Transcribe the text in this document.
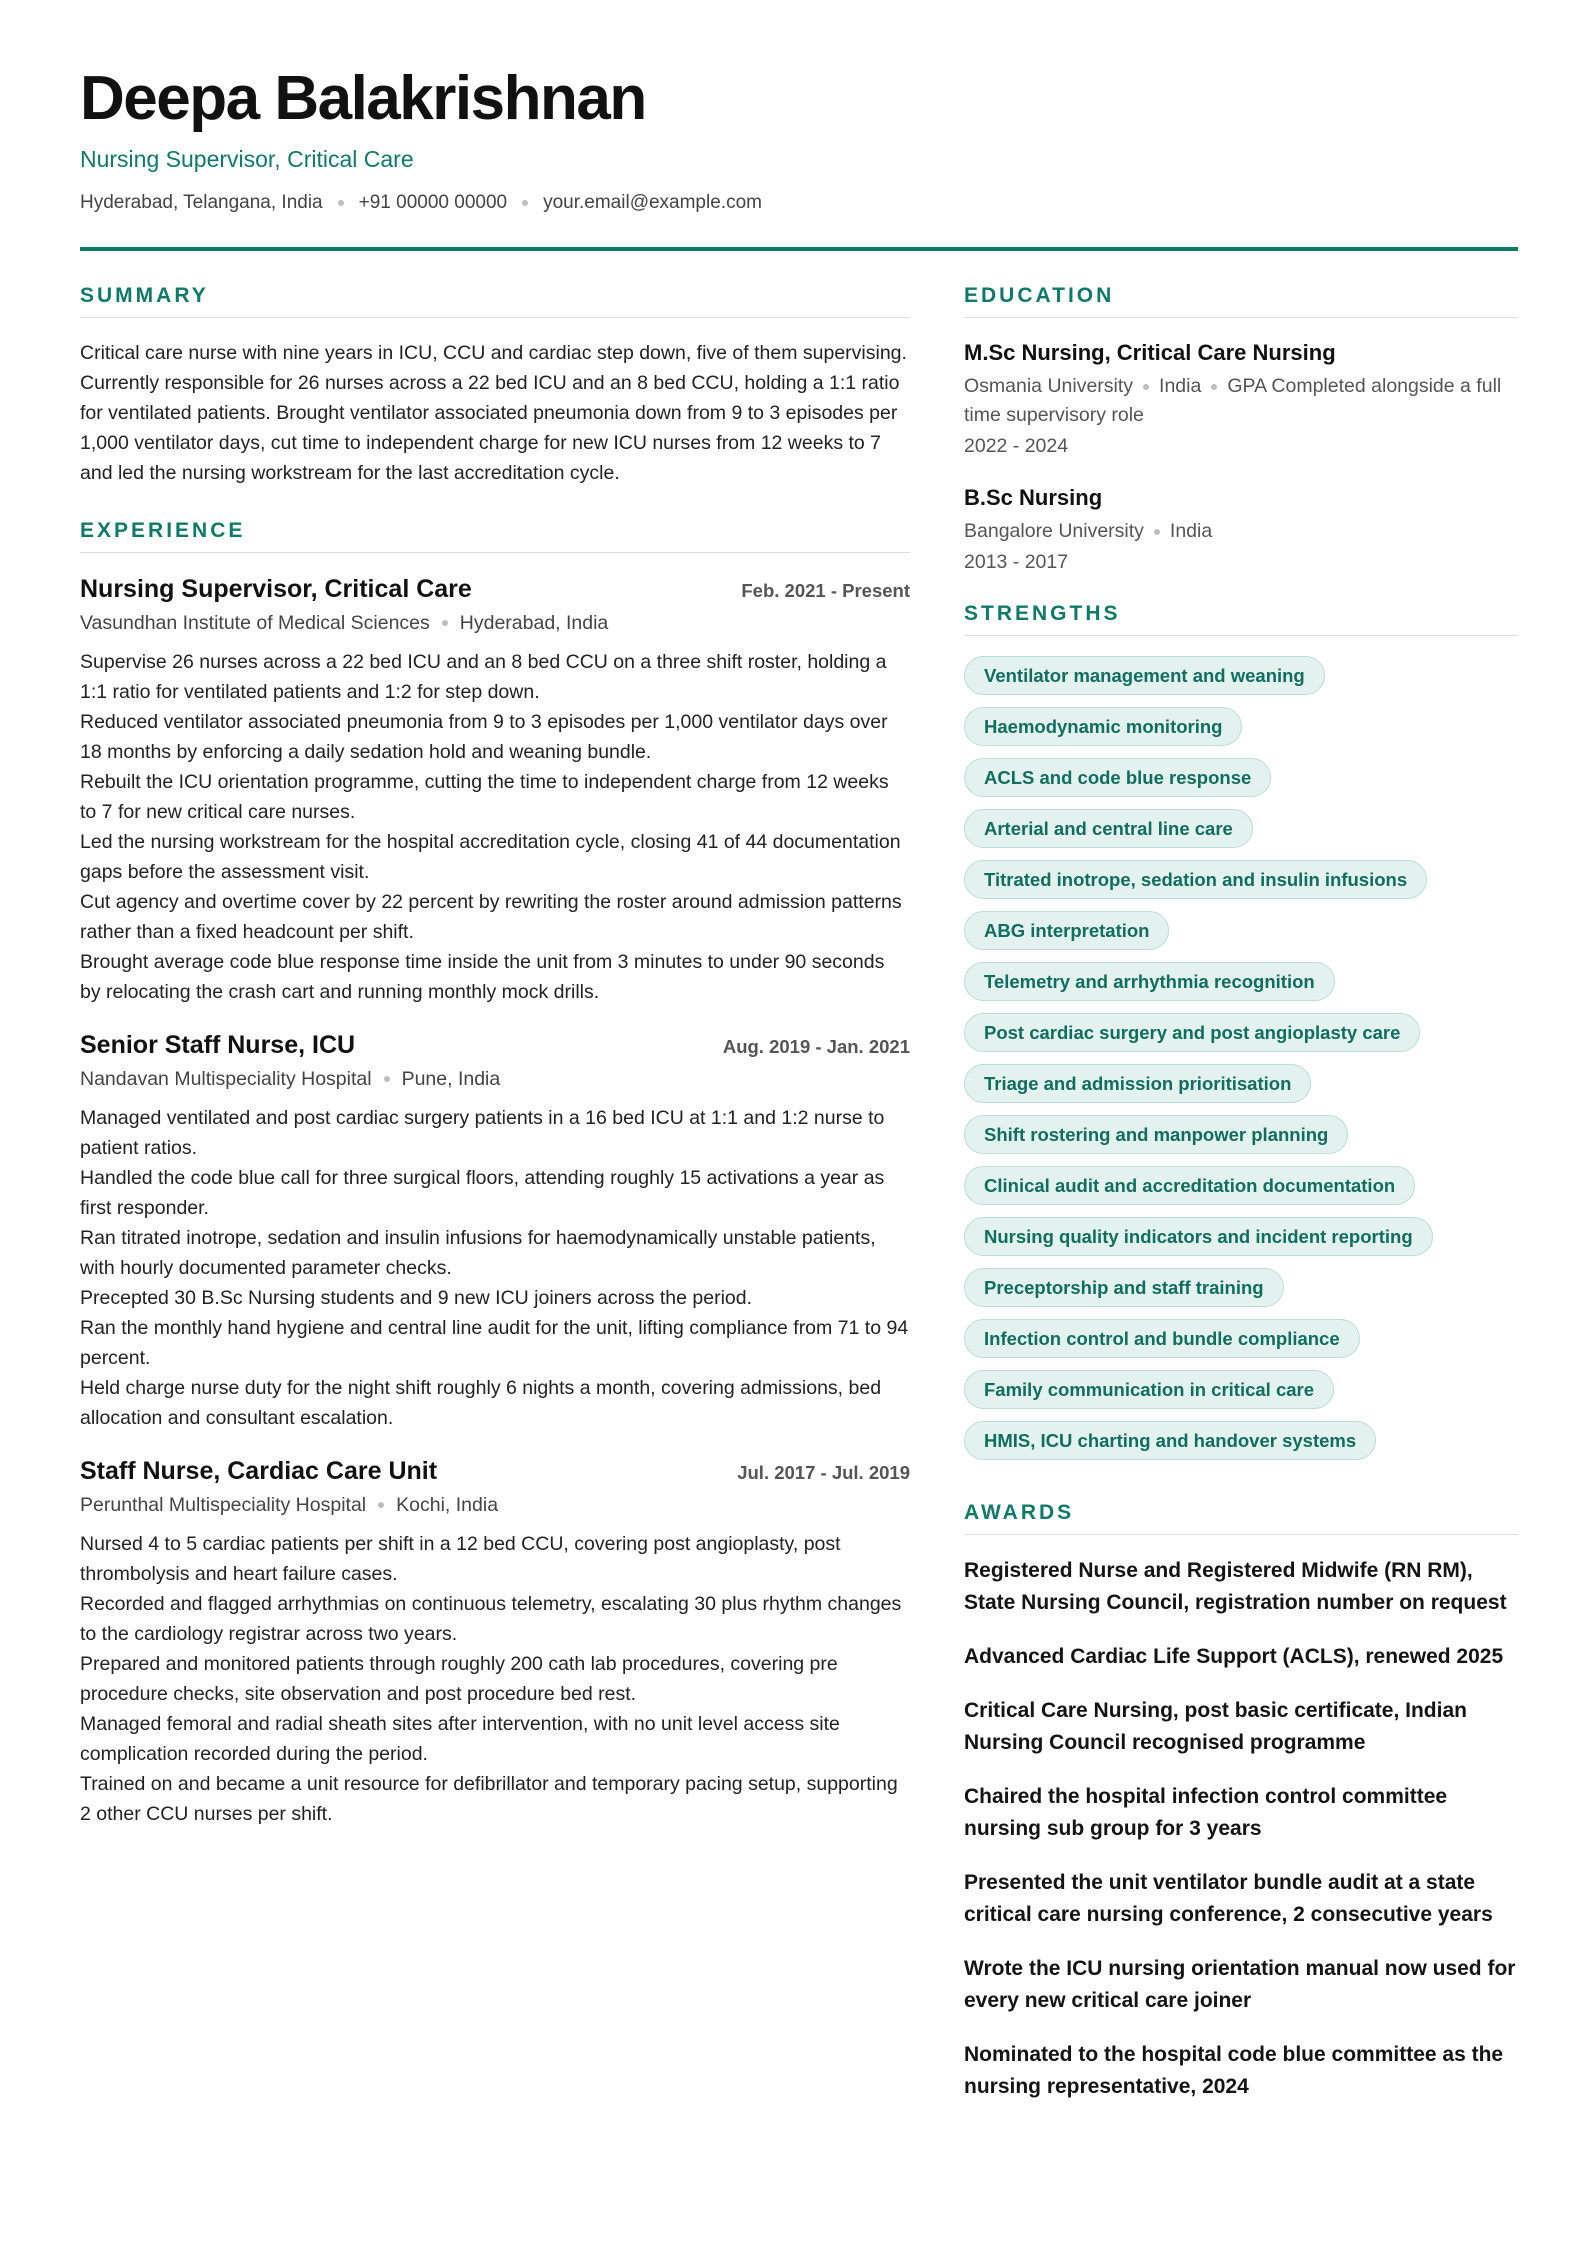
Deepa Balakrishnan
Nursing Supervisor, Critical Care
Hyderabad, Telangana, India +91 00000 00000 your.email@example.com
SUMMARY

Critical care nurse with nine years in ICU, CCU and cardiac step down, five of them supervising. Currently responsible for 26 nurses across a 22 bed ICU and an 8 bed CCU, holding a 1:1 ratio for ventilated patients. Brought ventilator associated pneumonia down from 9 to 3 episodes per 1,000 ventilator days, cut time to independent charge for new ICU nurses from 12 weeks to 7 and led the nursing workstream for the last accreditation cycle.

EXPERIENCE
Nursing Supervisor, Critical Care	Feb. 2021 - Present
Vasundhan Institute of Medical Sciences Hyderabad, India
Supervise 26 nurses across a 22 bed ICU and an 8 bed CCU on a three shift roster, holding a 1:1 ratio for ventilated patients and 1:2 for step down.
Reduced ventilator associated pneumonia from 9 to 3 episodes per 1,000 ventilator days over 18 months by enforcing a daily sedation hold and weaning bundle.
Rebuilt the ICU orientation programme, cutting the time to independent charge from 12 weeks to 7 for new critical care nurses.
Led the nursing workstream for the hospital accreditation cycle, closing 41 of 44 documentation gaps before the assessment visit.
Cut agency and overtime cover by 22 percent by rewriting the roster around admission patterns rather than a fixed headcount per shift.
Brought average code blue response time inside the unit from 3 minutes to under 90 seconds by relocating the crash cart and running monthly mock drills.
Senior Staff Nurse, ICU	Aug. 2019 - Jan. 2021
Nandavan Multispeciality Hospital Pune, India
Managed ventilated and post cardiac surgery patients in a 16 bed ICU at 1:1 and 1:2 nurse to patient ratios.
Handled the code blue call for three surgical floors, attending roughly 15 activations a year as first responder.
Ran titrated inotrope, sedation and insulin infusions for haemodynamically unstable patients, with hourly documented parameter checks.
Precepted 30 B.Sc Nursing students and 9 new ICU joiners across the period.
Ran the monthly hand hygiene and central line audit for the unit, lifting compliance from 71 to 94 percent.
Held charge nurse duty for the night shift roughly 6 nights a month, covering admissions, bed allocation and consultant escalation.
Staff Nurse, Cardiac Care Unit	Jul. 2017 - Jul. 2019
Perunthal Multispeciality Hospital Kochi, India
Nursed 4 to 5 cardiac patients per shift in a 12 bed CCU, covering post angioplasty, post thrombolysis and heart failure cases.
Recorded and flagged arrhythmias on continuous telemetry, escalating 30 plus rhythm changes to the cardiology registrar across two years.
Prepared and monitored patients through roughly 200 cath lab procedures, covering pre procedure checks, site observation and post procedure bed rest.
Managed femoral and radial sheath sites after intervention, with no unit level access site complication recorded during the period.
Trained on and became a unit resource for defibrillator and temporary pacing setup, supporting 2 other CCU nurses per shift.
EDUCATION
M.Sc Nursing, Critical Care Nursing
Osmania University India GPA Completed alongside a full time supervisory role
2022 - 2024
B.Sc Nursing
Bangalore University India
2013 - 2017
STRENGTHS
Ventilator management and weaning
Haemodynamic monitoring
ACLS and code blue response
Arterial and central line care
Titrated inotrope, sedation and insulin infusions
ABG interpretation
Telemetry and arrhythmia recognition
Post cardiac surgery and post angioplasty care
Triage and admission prioritisation
Shift rostering and manpower planning
Clinical audit and accreditation documentation
Nursing quality indicators and incident reporting
Preceptorship and staff training
Infection control and bundle compliance
Family communication in critical care
HMIS, ICU charting and handover systems
AWARDS
Registered Nurse and Registered Midwife (RN RM), State Nursing Council, registration number on request
Advanced Cardiac Life Support (ACLS), renewed 2025
Critical Care Nursing, post basic certificate, Indian Nursing Council recognised programme
Chaired the hospital infection control committee nursing sub group for 3 years
Presented the unit ventilator bundle audit at a state critical care nursing conference, 2 consecutive years
Wrote the ICU nursing orientation manual now used for every new critical care joiner
Nominated to the hospital code blue committee as the nursing representative, 2024
